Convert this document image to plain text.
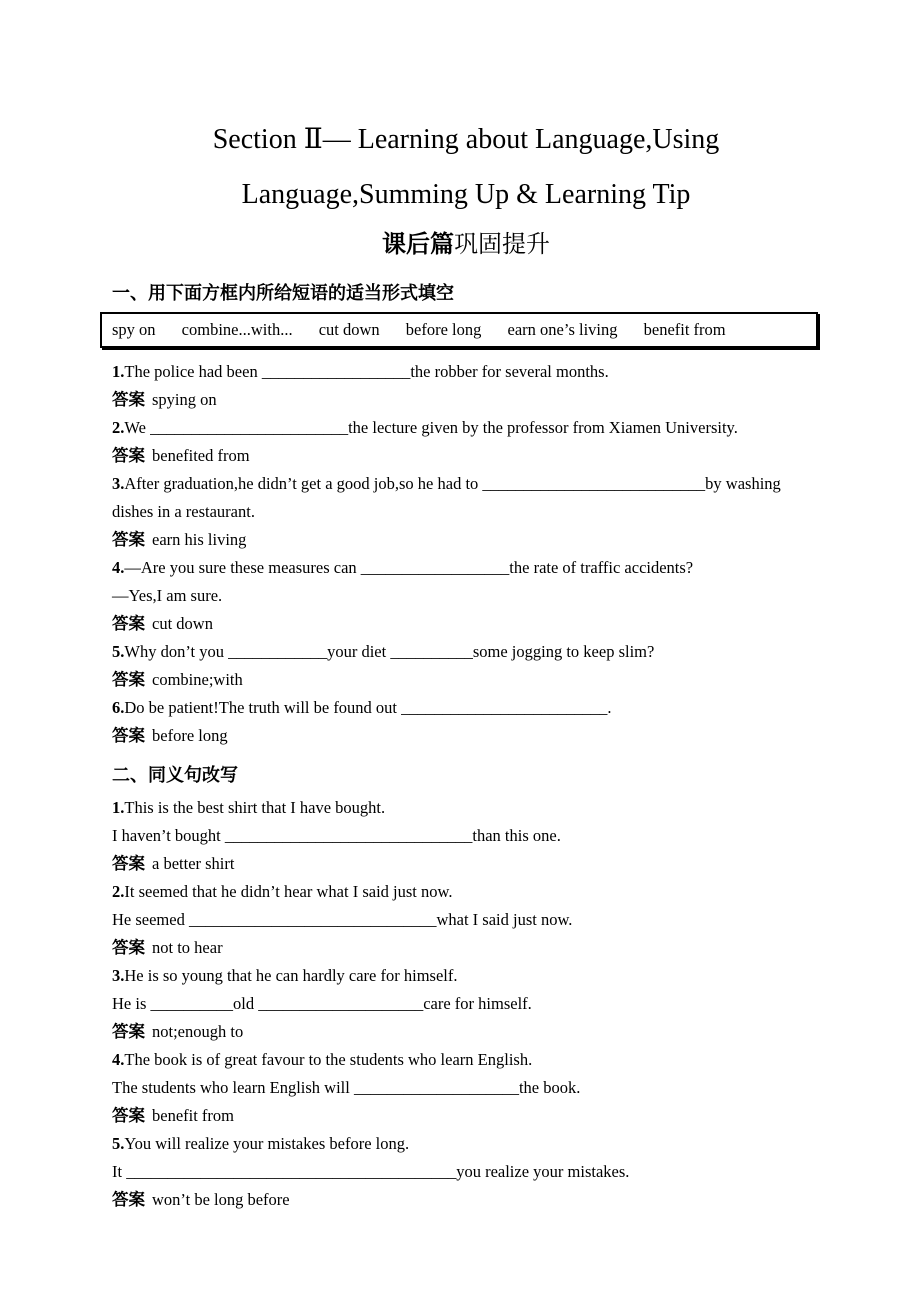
Section Ⅱ— Learning about Language,Using
Language,Summing Up & Learning Tip
课后篇巩固提升
一、用下面方框内所给短语的适当形式填空
spy on combine...with... cut down before long earn one’s living benefit from

1.The police had been __________________the robber for several months.

答案 spying on

2.We ________________________the lecture given by the professor from Xiamen University.

答案 benefited from

3.After graduation,he didn’t get a good job,so he had to ___________________________by washing dishes in a restaurant.

答案 earn his living

4.—Are you sure these measures can __________________the rate of traffic accidents?

—Yes,I am sure.

答案 cut down

5.Why don’t you ____________your diet __________some jogging to keep slim?

答案 combine;with

6.Do be patient!The truth will be found out _________________________.

答案 before long

二、同义句改写

1.This is the best shirt that I have bought.

I haven’t bought ______________________________than this one.

答案 a better shirt

2.It seemed that he didn’t hear what I said just now.

He seemed ______________________________what I said just now.

答案 not to hear

3.He is so young that he can hardly care for himself.

He is __________old ____________________care for himself.

答案 not;enough to

4.The book is of great favour to the students who learn English.

The students who learn English will ____________________the book.

答案 benefit from

5.You will realize your mistakes before long.

It ________________________________________you realize your mistakes.

答案 won’t be long before
